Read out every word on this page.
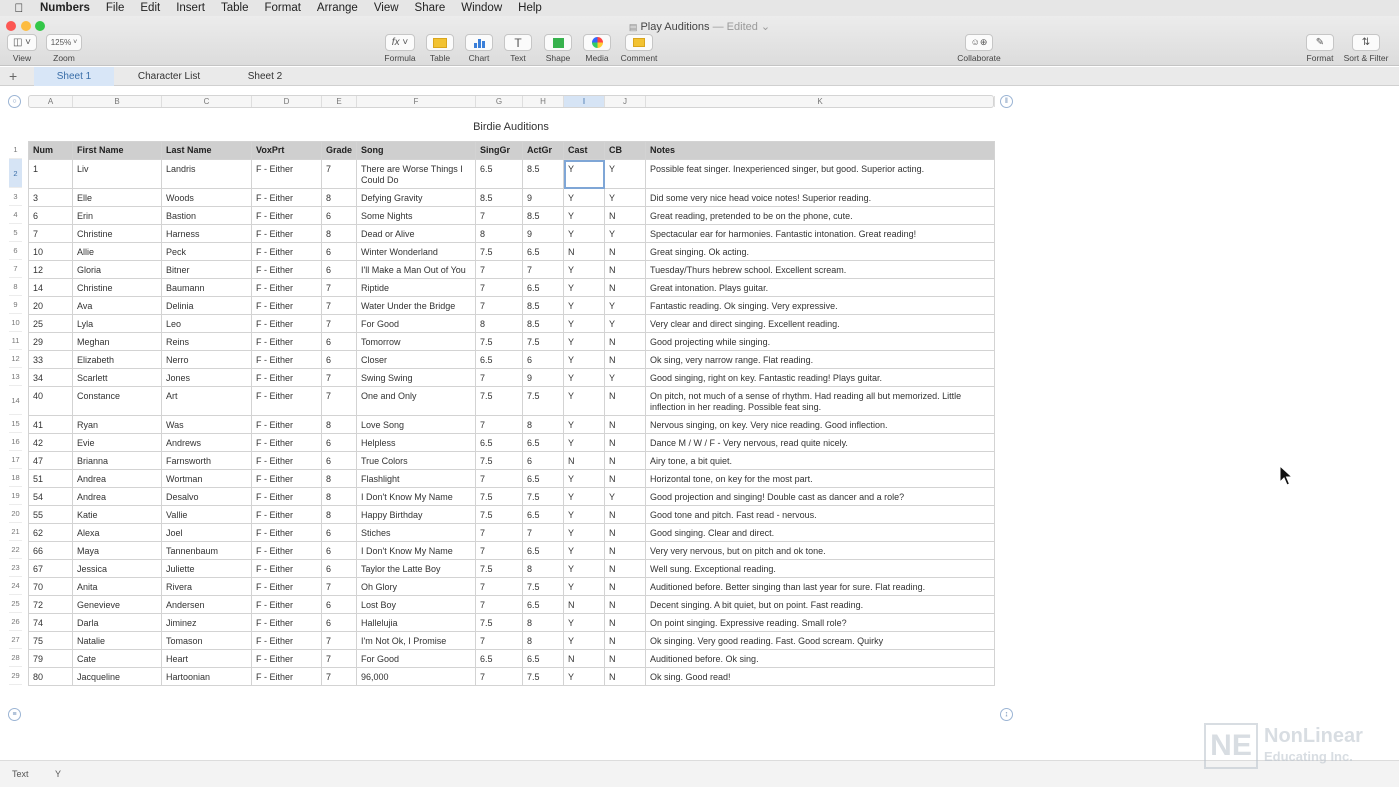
Numbers File Edit Insert Table Format Arrange View Share Window Help
▤ Play Auditions — Edited ⌄
◫ ˅
View
125% ˅
Zoom
fx ˅
Formula	Table	Chart
T
Text	Shape	Media	Comment
☺⊕
Collaborate
✎
Format
⇅
Sort & Filter
+	Sheet 1	Character List	Sheet 2
○	‖
≡	↨
A	B	C	D	E	F	G	H	I	J	K
Birdie Auditions
1
2
3
4
5
6
7
8
9
10
11
12
13
14
15
16
17
18
19
20
21
22
23
24
25
26
27
28
29
Num	First Name	Last Name	VoxPrt	Grade	Song	SingGr	ActGr	Cast	CB	Notes
1	Liv	Landris	F - Either	7	There are Worse Things I Could Do	6.5	8.5	Y	Y	Possible feat singer. Inexperienced singer, but good. Superior acting.
3	Elle	Woods	F - Either	8	Defying Gravity	8.5	9	Y	Y	Did some very nice head voice notes! Superior reading.
6	Erin	Bastion	F - Either	6	Some Nights	7	8.5	Y	N	Great reading, pretended to be on the phone, cute.
7	Christine	Harness	F - Either	8	Dead or Alive	8	9	Y	Y	Spectacular ear for harmonies. Fantastic intonation. Great reading!
10	Allie	Peck	F - Either	6	Winter Wonderland	7.5	6.5	N	N	Great singing. Ok acting.
12	Gloria	Bitner	F - Either	6	I'll Make a Man Out of You	7	7	Y	N	Tuesday/Thurs hebrew school. Excellent scream.
14	Christine	Baumann	F - Either	7	Riptide	7	6.5	Y	N	Great intonation. Plays guitar.
20	Ava	Delinia	F - Either	7	Water Under the Bridge	7	8.5	Y	Y	Fantastic reading. Ok singing. Very expressive.
25	Lyla	Leo	F - Either	7	For Good	8	8.5	Y	Y	Very clear and direct singing. Excellent reading.
29	Meghan	Reins	F - Either	6	Tomorrow	7.5	7.5	Y	N	Good projecting while singing.
33	Elizabeth	Nerro	F - Either	6	Closer	6.5	6	Y	N	Ok sing, very narrow range. Flat reading.
34	Scarlett	Jones	F - Either	7	Swing Swing	7	9	Y	Y	Good singing, right on key. Fantastic reading! Plays guitar.
40	Constance	Art	F - Either	7	One and Only	7.5	7.5	Y	N	On pitch, not much of a sense of rhythm. Had reading all but memorized. Little inflection in her reading. Possible feat sing.
41	Ryan	Was	F - Either	8	Love Song	7	8	Y	N	Nervous singing, on key. Very nice reading. Good inflection.
42	Evie	Andrews	F - Either	6	Helpless	6.5	6.5	Y	N	Dance M / W / F - Very nervous, read quite nicely.
47	Brianna	Farnsworth	F - Either	6	True Colors	7.5	6	N	N	Airy tone, a bit quiet.
51	Andrea	Wortman	F - Either	8	Flashlight	7	6.5	Y	N	Horizontal tone, on key for the most part.
54	Andrea	Desalvo	F - Either	8	I Don't Know My Name	7.5	7.5	Y	Y	Good projection and singing! Double cast as dancer and a role?
55	Katie	Vallie	F - Either	8	Happy Birthday	7.5	6.5	Y	N	Good tone and pitch. Fast read - nervous.
62	Alexa	Joel	F - Either	6	Stiches	7	7	Y	N	Good singing. Clear and direct.
66	Maya	Tannenbaum	F - Either	6	I Don't Know My Name	7	6.5	Y	N	Very very nervous, but on pitch and ok tone.
67	Jessica	Juliette	F - Either	6	Taylor the Latte Boy	7.5	8	Y	N	Well sung. Exceptional reading.
70	Anita	Rivera	F - Either	7	Oh Glory	7	7.5	Y	N	Auditioned before. Better singing than last year for sure. Flat reading.
72	Genevieve	Andersen	F - Either	6	Lost Boy	7	6.5	N	N	Decent singing. A bit quiet, but on point. Fast reading.
74	Darla	Jiminez	F - Either	6	Hallelujia	7.5	8	Y	N	On point singing. Expressive reading. Small role?
75	Natalie	Tomason	F - Either	7	I'm Not Ok, I Promise	7	8	Y	N	Ok singing. Very good reading. Fast. Good scream. Quirky
79	Cate	Heart	F - Either	7	For Good	6.5	6.5	N	N	Auditioned before. Ok sing.
80	Jacqueline	Hartoonian	F - Either	7	96,000	7	7.5	Y	N	Ok sing. Good read!
Text	Y
NE NonLinear
Educating Inc.
